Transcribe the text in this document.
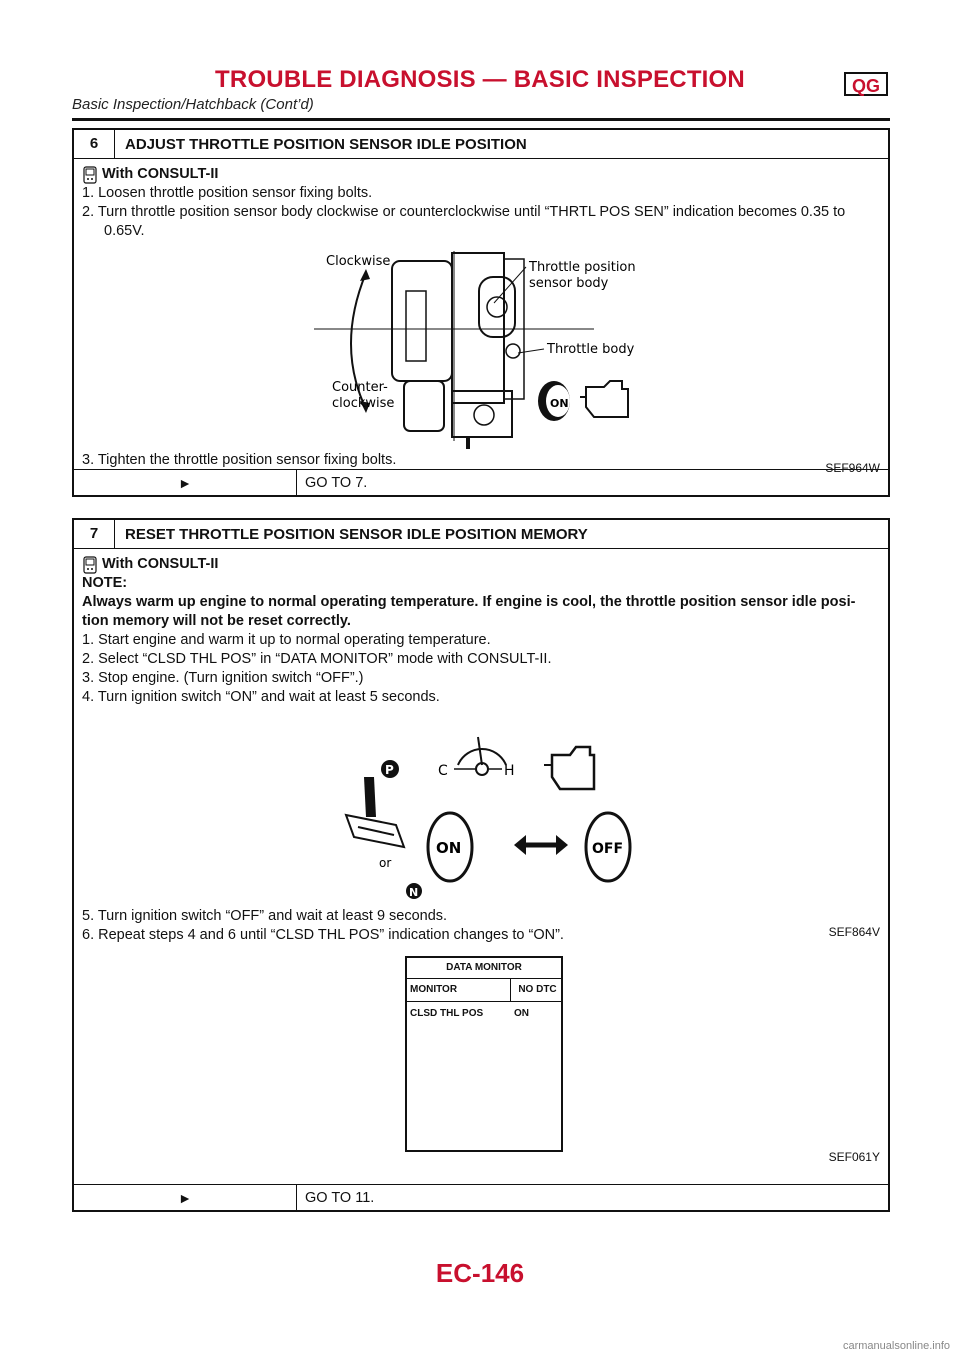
TROUBLE DIAGNOSIS — BASIC INSPECTION	QG
Basic Inspection/Hatchback (Cont’d)
6	ADJUST THROTTLE POSITION SENSOR IDLE POSITION
With CONSULT-II
1. Loosen throttle position sensor fixing bolts.
2. Turn throttle position sensor body clockwise or counterclockwise until “THRTL POS SEN” indication becomes 0.35 to
0.65V.
Clockwise
Counter-
clockwise
Throttle position
sensor body
Throttle body
ON
SEF964W
3. Tighten the throttle position sensor fixing bolts.
►	GO TO 7.
7	RESET THROTTLE POSITION SENSOR IDLE POSITION MEMORY
With CONSULT-II
NOTE:
Always warm up engine to normal operating temperature. If engine is cool, the throttle position sensor idle posi-
tion memory will not be reset correctly.
1. Start engine and warm it up to normal operating temperature.
2. Select “CLSD THL POS” in “DATA MONITOR” mode with CONSULT-II.
3. Stop engine. (Turn ignition switch “OFF”.)
4. Turn ignition switch “ON” and wait at least 5 seconds.
C	H
P
or
N
ON	OFF
SEF864V
5. Turn ignition switch “OFF” and wait at least 9 seconds.
6. Repeat steps 4 and 6 until “CLSD THL POS” indication changes to “ON”.
SEF061Y
►	GO TO 11.
DATA MONITOR
MONITOR	NO DTC
CLSD THL POS	ON
EC-146
carmanualsonline.info
